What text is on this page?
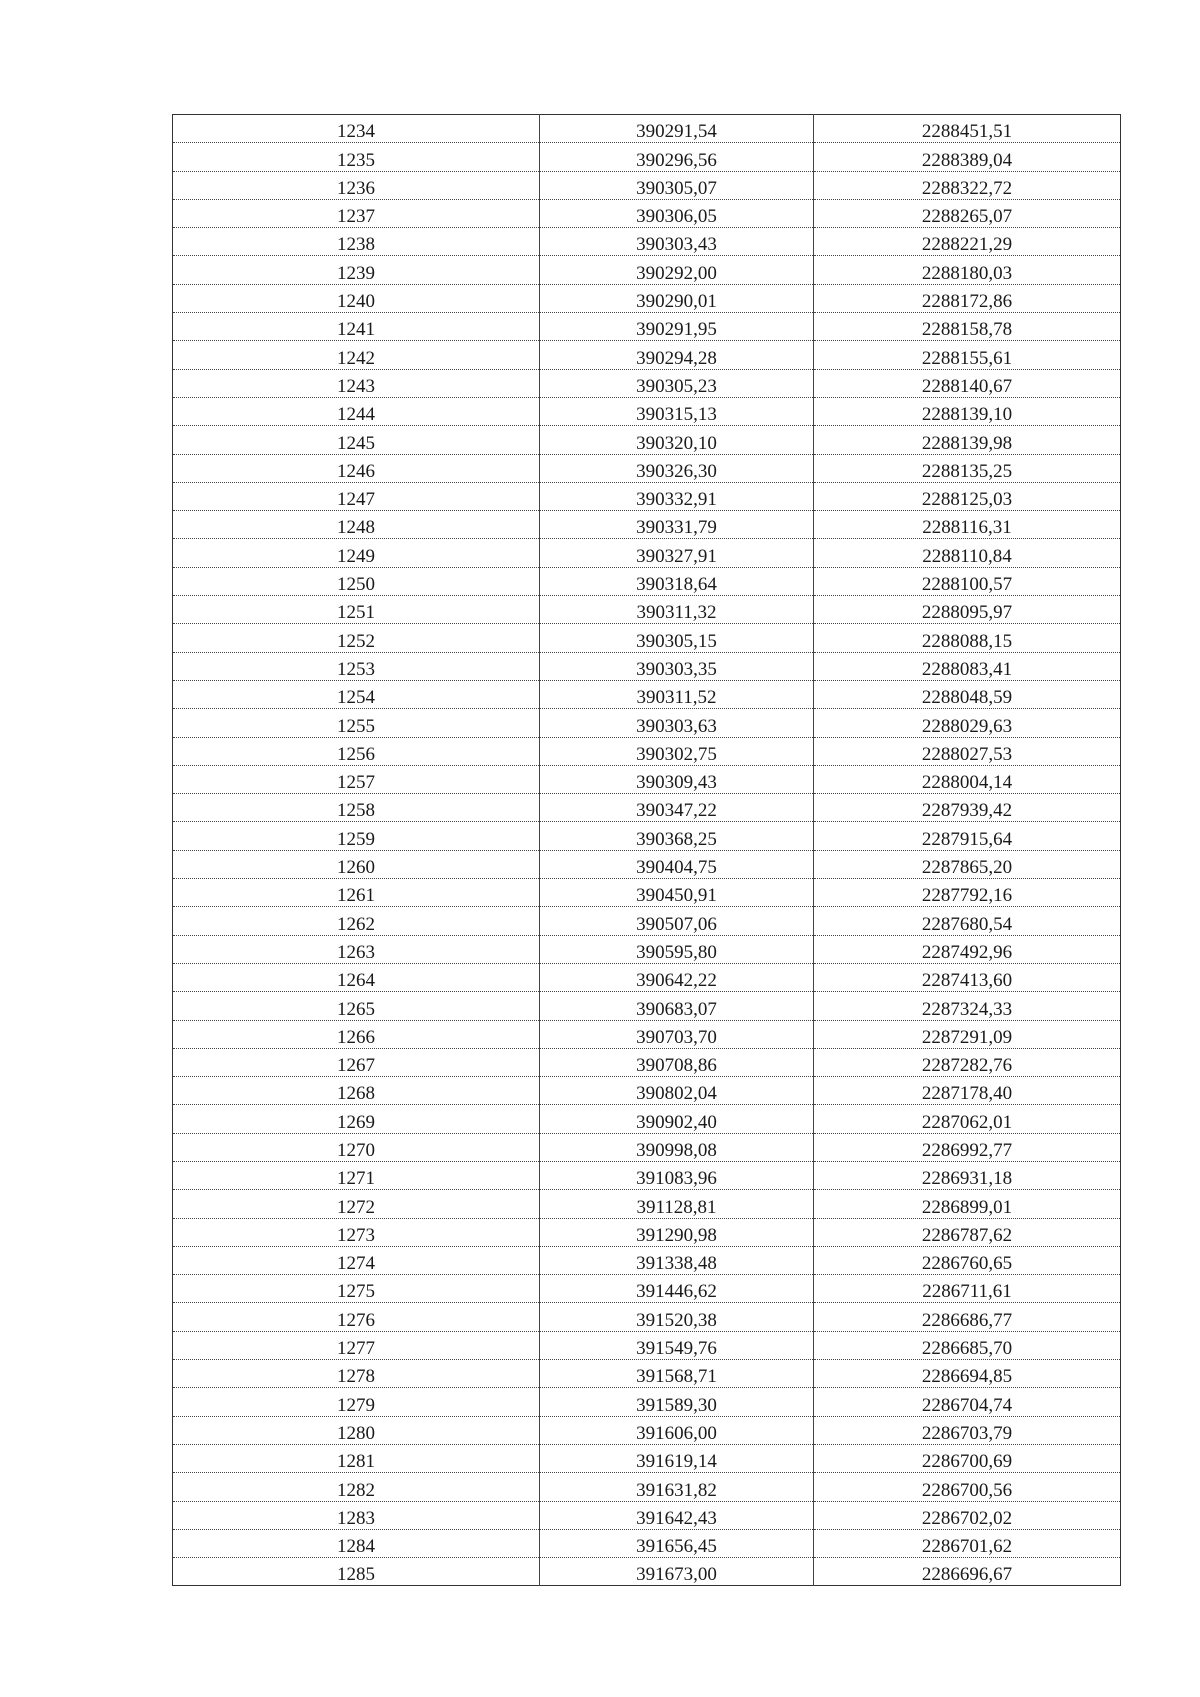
1234	390291,54	2288451,51
1235	390296,56	2288389,04
1236	390305,07	2288322,72
1237	390306,05	2288265,07
1238	390303,43	2288221,29
1239	390292,00	2288180,03
1240	390290,01	2288172,86
1241	390291,95	2288158,78
1242	390294,28	2288155,61
1243	390305,23	2288140,67
1244	390315,13	2288139,10
1245	390320,10	2288139,98
1246	390326,30	2288135,25
1247	390332,91	2288125,03
1248	390331,79	2288116,31
1249	390327,91	2288110,84
1250	390318,64	2288100,57
1251	390311,32	2288095,97
1252	390305,15	2288088,15
1253	390303,35	2288083,41
1254	390311,52	2288048,59
1255	390303,63	2288029,63
1256	390302,75	2288027,53
1257	390309,43	2288004,14
1258	390347,22	2287939,42
1259	390368,25	2287915,64
1260	390404,75	2287865,20
1261	390450,91	2287792,16
1262	390507,06	2287680,54
1263	390595,80	2287492,96
1264	390642,22	2287413,60
1265	390683,07	2287324,33
1266	390703,70	2287291,09
1267	390708,86	2287282,76
1268	390802,04	2287178,40
1269	390902,40	2287062,01
1270	390998,08	2286992,77
1271	391083,96	2286931,18
1272	391128,81	2286899,01
1273	391290,98	2286787,62
1274	391338,48	2286760,65
1275	391446,62	2286711,61
1276	391520,38	2286686,77
1277	391549,76	2286685,70
1278	391568,71	2286694,85
1279	391589,30	2286704,74
1280	391606,00	2286703,79
1281	391619,14	2286700,69
1282	391631,82	2286700,56
1283	391642,43	2286702,02
1284	391656,45	2286701,62
1285	391673,00	2286696,67
